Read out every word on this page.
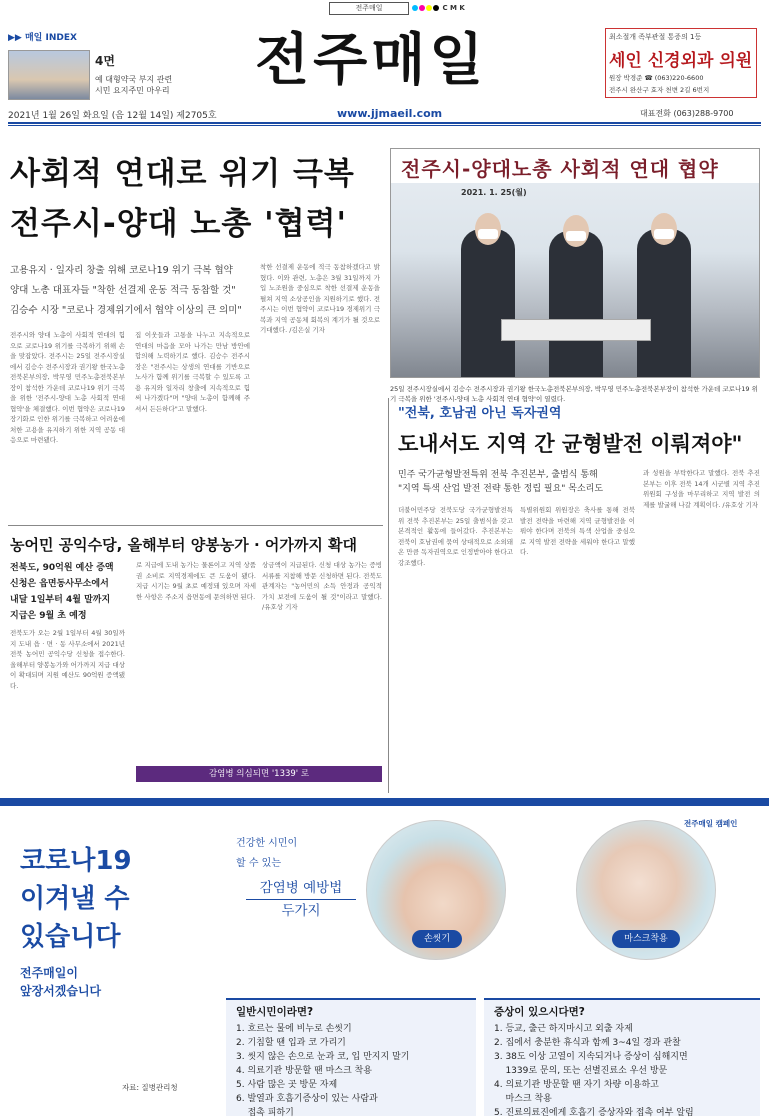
전주매일	C M K
▶▶ 매일 INDEX
4면
예 대형약국 부지 관련
시민 요지주민 마우리 전주매일	최소절개 족부관절 통증의 1등
세인 신경외과 의원
원장 박경준 ☎ (063)220-6600
전주시 완산구 효자 천변 2길 6번지
2021년 1월 26일 화요일 (음 12월 14일) 제2705호	www.jjmaeil.com	대표전화 (063)288-9700
사회적 연대로 위기 극복
전주시-양대 노총 '협력'
고용유지 · 일자리 창출 위해 코로나19 위기 극복 협약
양대 노총 대표자들 "착한 선결제 운동 적극 동참할 것"
김승수 시장 "코로나 경제위기에서 협약 이상의 큰 의미"
전주시와 양대 노총이 사회적 연대의 힘으로 코로나19 위기를 극복하기 위해 손을 맞잡았다. 전주시는 25일 전주시장실에서 김승수 전주시장과 권기왕 한국노총전북본부의장, 박무영 민주노총전북본부장이 참석한 가운데 코로나19 위기 극복을 위한 '전주시-양대 노총 사회적 연대 협약'을 체결했다. 이번 협약은 코로나19 장기화로 인한 위기를 극복하고 어려움에 처한 고용을 유지하기 위한 지역 공동 대응으로 마련됐다.
집 이웃들과 고통을 나누고 지속적으로 연대의 마음을 모아 나가는 만남 방안에 합의해 노력하기로 했다. 김승수 전주시장은 "전주시는 상생의 연대를 기반으로 노사가 함께 위기를 극복할 수 있도록 고용 유지와 일자리 창출에 지속적으로 힘써 나가겠다"며 "양대 노총이 함께해 주셔서 든든하다"고 말했다.
착한 선결제 운동에 적극 동참하겠다고 밝혔다. 이와 관련, 노총은 3월 31일까지 가입 노조원을 중심으로 착한 선결제 운동을 펼쳐 지역 소상공인을 지원하기로 했다. 전주시는 이번 협약이 코로나19 경제위기 극복과 지역 공동체 회복의 계기가 될 것으로 기대했다. /김은실 기자
전주시-양대노총 사회적 연대 협약
2021. 1. 25(월)
25일 전주시장실에서 김승수 전주시장과 권기왕 한국노총전북본부의장, 박무영 민주노총전북본부장이 참석한 가운데 코로나19 위기 극복을 위한 '전주시-양대 노총 사회적 연대 협약'이 열렸다.
"전북, 호남권 아닌 독자권역
도내서도 지역 간 균형발전 이뤄져야"
민주 국가균형발전특위 전북 추진본부, 출범식 통해
"지역 특색 산업 발전 전략 통한 정립 필요" 목소리도
더불어민주당 전북도당 국가균형발전특위 전북 추진본부는 25일 출범식을 갖고 본격적인 활동에 들어갔다. 추진본부는 전북이 호남권에 묶여 상대적으로 소외돼 온 만큼 독자권역으로 인정받아야 한다고 강조했다.
특별위원회 위원장은 축사를 통해 전북 발전 전략을 마련해 지역 균형발전을 이뤄야 한다며 전북의 특색 산업을 중심으로 지역 발전 전략을 세워야 한다고 말했다.
과 성원을 부탁한다고 말했다. 전북 추진본부는 이후 전북 14개 시군별 지역 추진위원회 구성을 마무리하고 지역 발전 의제를 발굴해 나갈 계획이다. /유호상 기자
농어민 공익수당, 올해부터 양봉농가 · 어가까지 확대
전북도, 90억원 예산 증액
신청은 읍면동사무소에서
내달 1일부터 4월 말까지
지급은 9월 초 예정
전북도가 오는 2월 1일부터 4월 30일까지 도내 읍 · 면 · 동 사무소에서 2021년 전북 농어민 공익수당 신청을 접수한다. 올해부터 양봉농가와 어가까지 지급 대상이 확대되며 지원 예산도 90억원 증액됐다.
로 지급에 도내 농가는 물론이고 지역 상품권 소비로 지역경제에도 큰 도움이 됐다. 지급 시기는 9월 초로 예정돼 있으며 자세한 사항은 주소지 읍면동에 문의하면 된다.
상금액이 지급된다. 신청 대상 농가는 증빙서류를 지참해 방문 신청하면 된다. 전북도 관계자는 "농어민의 소득 안정과 공익적 가치 보전에 도움이 될 것"이라고 말했다. /유호상 기자
감염병 의심되면 '1339' 로
코로나19
이겨낼 수
있습니다
전주매일이
앞장서겠습니다
전주매일 캠페인
건강한 시민이
할 수 있는
감염병 예방법
두가지
손씻기	마스크착용
일반시민이라면?
1. 흐르는 물에 비누로 손씻기
2. 기침할 땐 입과 코 가리기
3. 씻지 않은 손으로 눈과 코, 입 만지지 말기
4. 의료기관 방문할 땐 마스크 착용
5. 사람 많은 곳 방문 자제
6. 발열과 호흡기증상이 있는 사람과
접촉 피하기
증상이 있으시다면?
1. 등교, 출근 하지마시고 외출 자제
2. 집에서 충분한 휴식과 함께 3~4일 경과 관찰
3. 38도 이상 고열이 지속되거나 증상이 심해지면
1339로 문의, 또는 선별진료소 우선 방문
4. 의료기관 방문할 땐 자기 차량 이용하고
마스크 착용
5. 진료의료진에게 호흡기 증상자와 접촉 여부 알림
자료: 질병관리청
